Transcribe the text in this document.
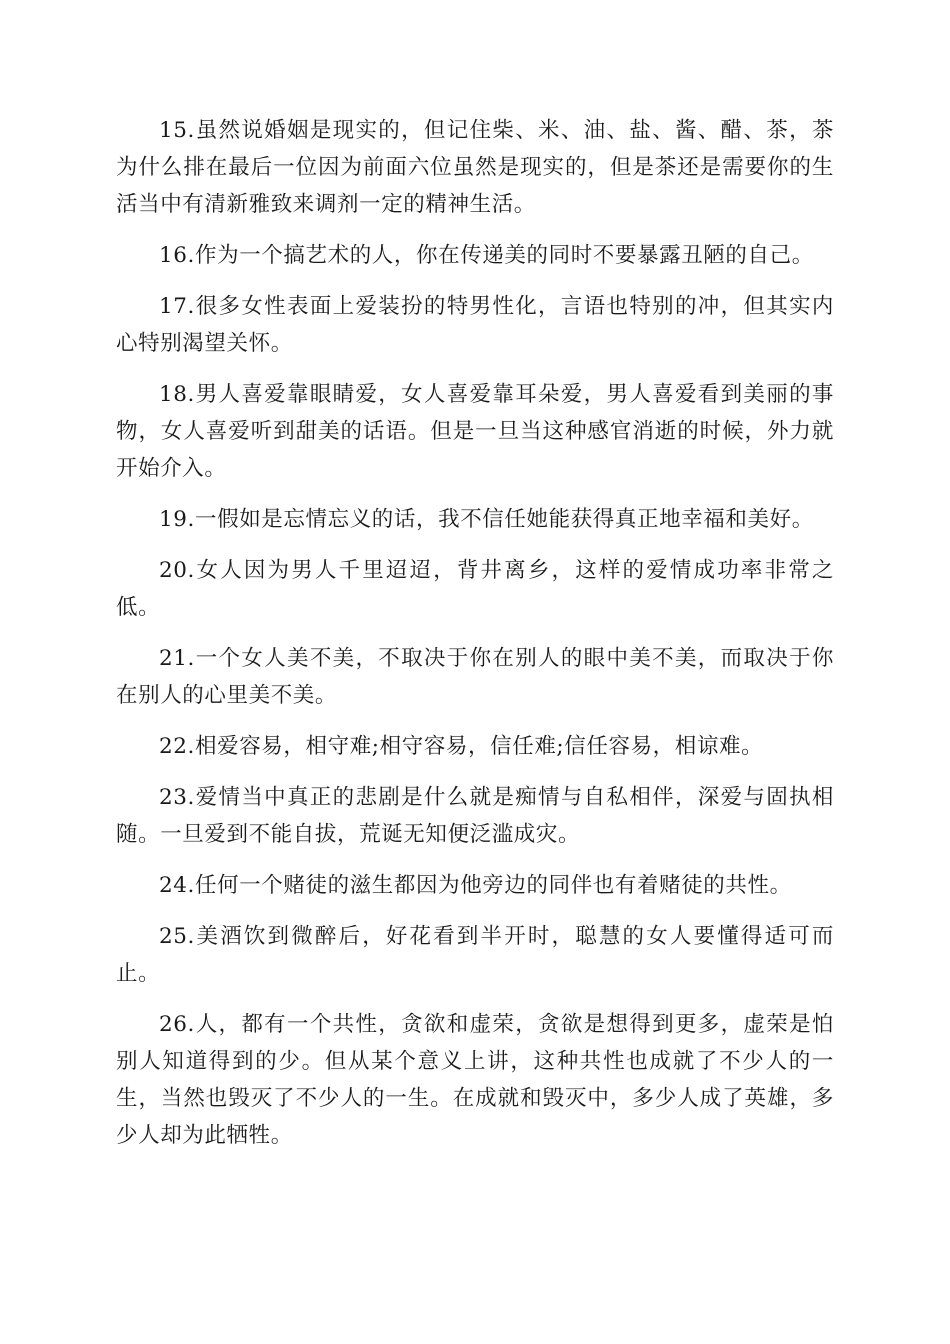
15.虽然说婚姻是现实的，但记住柴、米、油、盐、酱、醋、茶，茶为什么排在最后一位因为前面六位虽然是现实的，但是茶还是需要你的生活当中有清新雅致来调剂一定的精神生活。

16.作为一个搞艺术的人，你在传递美的同时不要暴露丑陋的自己。

17.很多女性表面上爱装扮的特男性化，言语也特别的冲，但其实内心特别渴望关怀。

18.男人喜爱靠眼睛爱，女人喜爱靠耳朵爱，男人喜爱看到美丽的事物，女人喜爱听到甜美的话语。但是一旦当这种感官消逝的时候，外力就开始介入。

19.一假如是忘情忘义的话，我不信任她能获得真正地幸福和美好。

20.女人因为男人千里迢迢，背井离乡，这样的爱情成功率非常之低。

21.一个女人美不美，不取决于你在别人的眼中美不美，而取决于你在别人的心里美不美。

22.相爱容易，相守难;相守容易，信任难;信任容易，相谅难。

23.爱情当中真正的悲剧是什么就是痴情与自私相伴，深爱与固执相随。一旦爱到不能自拔，荒诞无知便泛滥成灾。

24.任何一个赌徒的滋生都因为他旁边的同伴也有着赌徒的共性。

25.美酒饮到微醉后，好花看到半开时，聪慧的女人要懂得适可而止。

26.人，都有一个共性，贪欲和虚荣，贪欲是想得到更多，虚荣是怕别人知道得到的少。但从某个意义上讲，这种共性也成就了不少人的一生，当然也毁灭了不少人的一生。在成就和毁灭中，多少人成了英雄，多少人却为此牺牲。
